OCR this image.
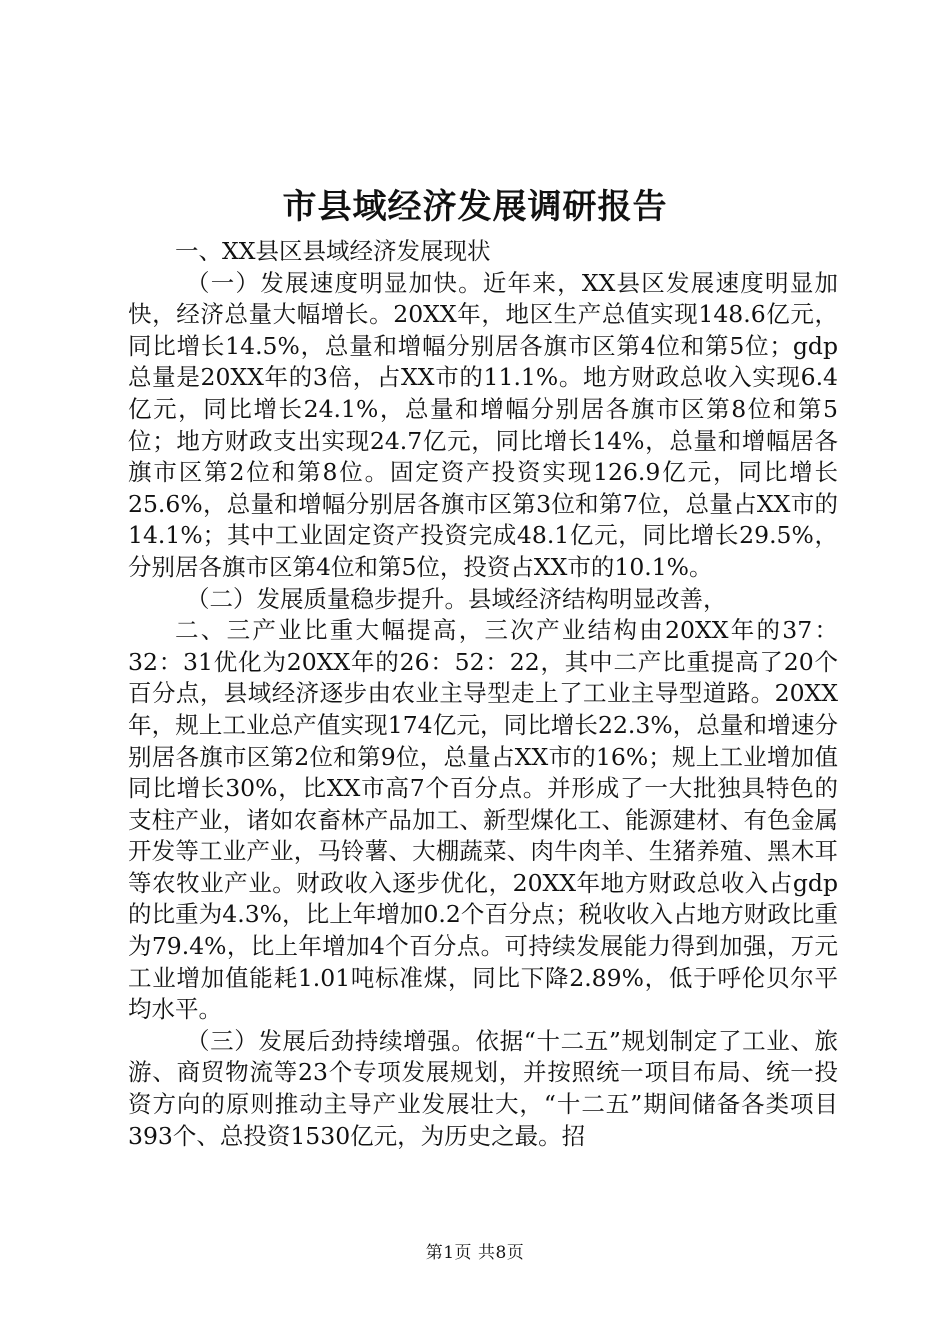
市县域经济发展调研报告

一、XX县区县域经济发展现状

（一）发展速度明显加快。近年来，XX县区发展速度明显加快，经济总量大幅增长。20XX年，地区生产总值实现148.6亿元，同比增长14.5%，总量和增幅分别居各旗市区第4位和第5位；gdp总量是20XX年的3倍，占XX市的11.1%。地方财政总收入实现6.4亿元，同比增长24.1%，总量和增幅分别居各旗市区第8位和第5位；地方财政支出实现24.7亿元，同比增长14%，总量和增幅居各旗市区第2位和第8位。固定资产投资实现126.9亿元，同比增长25.6%，总量和增幅分别居各旗市区第3位和第7位，总量占XX市的14.1%；其中工业固定资产投资完成48.1亿元，同比增长29.5%，分别居各旗市区第4位和第5位，投资占XX市的10.1%。

（二）发展质量稳步提升。县域经济结构明显改善，

二、三产业比重大幅提高，三次产业结构由20XX年的37：32：31优化为20XX年的26：52：22，其中二产比重提高了20个百分点，县域经济逐步由农业主导型走上了工业主导型道路。20XX年，规上工业总产值实现174亿元，同比增长22.3%，总量和增速分别居各旗市区第2位和第9位，总量占XX市的16%；规上工业增加值同比增长30%，比XX市高7个百分点。并形成了一大批独具特色的支柱产业，诸如农畜林产品加工、新型煤化工、能源建材、有色金属开发等工业产业，马铃薯、大棚蔬菜、肉牛肉羊、生猪养殖、黑木耳等农牧业产业。财政收入逐步优化，20XX年地方财政总收入占gdp的比重为4.3%，比上年增加0.2个百分点；税收收入占地方财政比重为79.4%，比上年增加4个百分点。可持续发展能力得到加强，万元工业增加值能耗1.01吨标准煤，同比下降2.89%，低于呼伦贝尔平均水平。

（三）发展后劲持续增强。依据“十二五”规划制定了工业、旅游、商贸物流等23个专项发展规划，并按照统一项目布局、统一投资方向的原则推动主导产业发展壮大，“十二五”期间储备各类项目393个、总投资1530亿元，为历史之最。招

第1页 共8页
